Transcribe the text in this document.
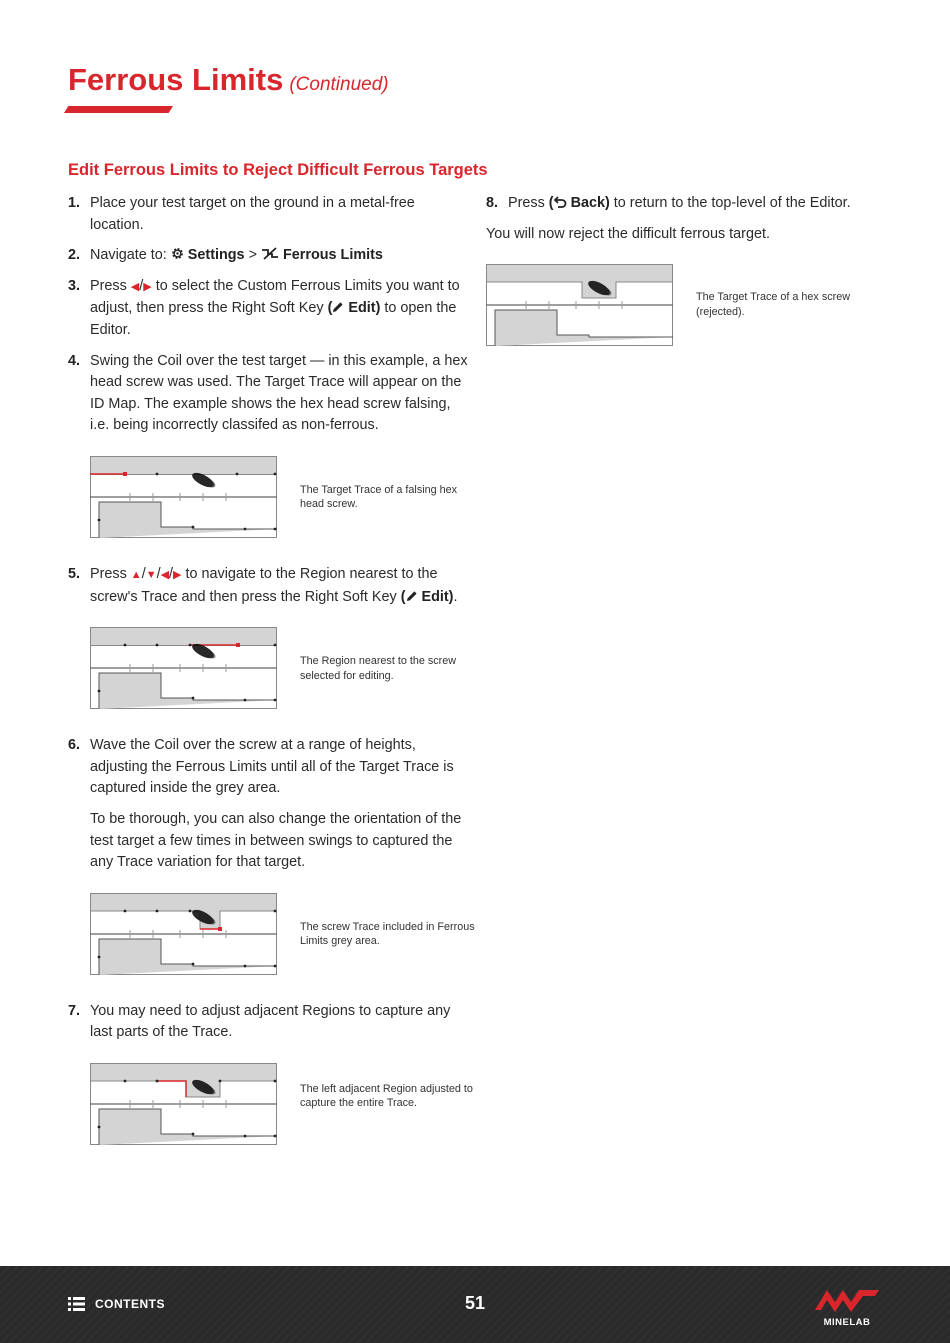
Ferrous Limits (Continued)
Edit Ferrous Limits to Reject Difficult Ferrous Targets
1. Place your test target on the ground in a metal-free location.

2. Navigate to: Settings > Ferrous Limits

3. Press ◀/▶ to select the Custom Ferrous Limits you want to adjust, then press the Right Soft Key ( Edit) to open the Editor.

4. Swing the Coil over the test target — in this example, a hex head screw was used. The Target Trace will appear on the ID Map. The example shows the hex head screw falsing, i.e. being incorrectly classifed as non-ferrous.

The Target Trace of a falsing hex head screw.
5. Press ▲/▼/◀/▶ to navigate to the Region nearest to the screw's Trace and then press the Right Soft Key ( Edit).

The Region nearest to the screw selected for editing.
6. Wave the Coil over the screw at a range of heights, adjusting the Ferrous Limits until all of the Target Trace is captured inside the grey area.

To be thorough, you can also change the orientation of the test target a few times in between swings to captured the any Trace variation for that target.

The screw Trace included in Ferrous Limits grey area.
7. You may need to adjust adjacent Regions to capture any last parts of the Trace.

The left adjacent Region adjusted to capture the entire Trace.
8. Press ( Back) to return to the top-level of the Editor.

You will now reject the difficult ferrous target.

The Target Trace of a hex screw (rejected).
CONTENTS	51
MINELAB
